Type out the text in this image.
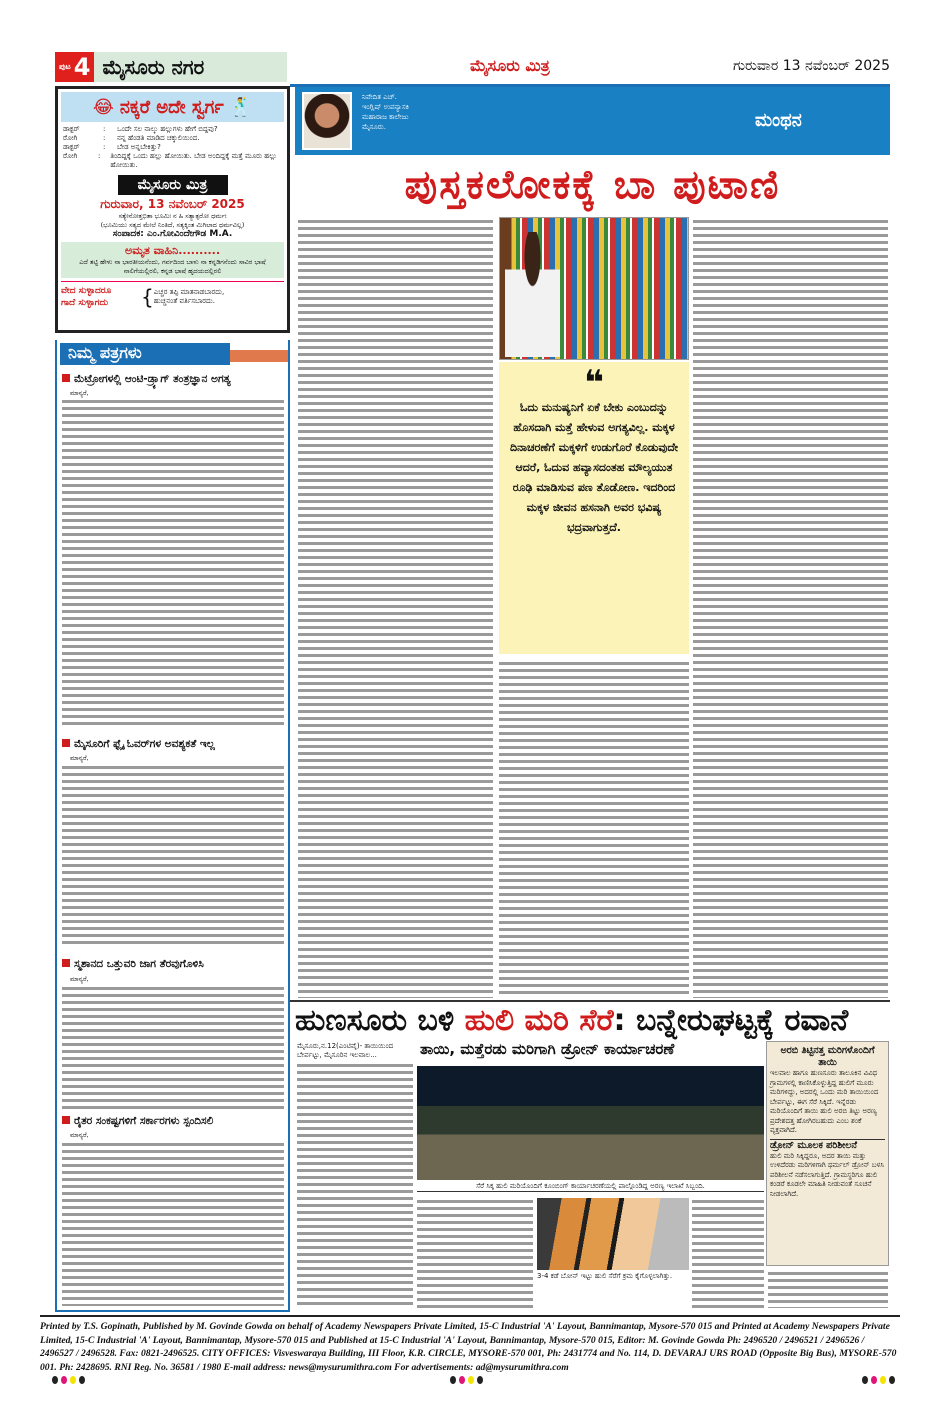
ಪುಟ 4 ಮೈಸೂರು ನಗರ	ಮೈಸೂರು ಮಿತ್ರ	ಗುರುವಾರ 13 ನವೆಂಬರ್ 2025
😂 ನಕ್ಕರೆ ಅದೇ ಸ್ವರ್ಗ 🕺
ಡಾಕ್ಟರ್	:	ಒಂದೇ ಸಲ ನಾಲ್ಕು ಹಲ್ಲುಗಳು ಹೇಗೆ ಬಿದ್ದವು?
ರೋಗಿ	:	ನನ್ನ ಹೆಂಡತಿ ಮಾಡಿದ ಚಕ್ಕುಲಿಯಿಂದ.
ಡಾಕ್ಟರ್	:	ಬೇಡ ಅನ್ನಬೇಕಿತ್ತು?
ರೋಗಿ	:	ತಿಂದಿದ್ದಕ್ಕೆ ಒಂದು ಹಲ್ಲು ಹೋಯಿತು. ಬೇಡ ಅಂದಿದ್ದಕ್ಕೆ ಮತ್ತೆ ಮೂರು ಹಲ್ಲು ಹೋಯಿತು.
ಮೈಸೂರು ಮಿತ್ರ
ಗುರುವಾರ, 13 ನವೆಂಬರ್ 2025
ಸತ್ಯೇನೋತ್ತಭಿತಾ ಭೂಮಿಃ ನ ಹಿ ಸತ್ಯಾತ್ಪರೋ ಧರ್ಮಃ
(ಭೂಮಿಯು ಸತ್ಯದ ಮೇಲೆ ನಿಂತಿದೆ, ಸತ್ಯಕ್ಕಿಂತ ಮಿಗಿಲಾದ ಧರ್ಮವಿಲ್ಲ)
ಸಂಪಾದಕ: ಎಂ.ಗೋವಿಂದೇಗೌಡ M.A.
ಅಮೃತ ವಾಹಿನಿ..........
ಎದೆ ತಟ್ಟಿ ಹೇಳು ನಾ ಭಾರತೀಯನೆಂದು, ಗರ್ವದಿಂದ ಬಾಳು ನಾ ಕನ್ನಡಿಗನೆಂದು ಸಾವಿರ ಭಾಷೆ ನಾಲಿಗೆಯಲ್ಲಿರಲಿ, ಕನ್ನಡ ಭಾಷೆ ಹೃದಯದಲ್ಲಿರಲಿ
ವೇದ ಸುಳ್ಳಾದರೂ
ಗಾದೆ ಸುಳ್ಳಾಗದು	{ ಎಚ್ಚರ ತಪ್ಪಿ ಮಾತನಾಡಬಾರದು,
ಹುಚ್ಚನಂತೆ ವರ್ತಿಸಬಾರದು.
ನಿಮ್ಮ ಪತ್ರಗಳು
ಮೆಟ್ರೋಗಳಲ್ಲಿ ಆಂಟಿ-ಡ್ರ್ಯಾಗ್ ತಂತ್ರಜ್ಞಾನ ಅಗತ್ಯ
ಮಾನ್ಯರೆ,
ಮೈಸೂರಿಗೆ ಫ್ಲೈ ಓವರ್‌ಗಳ ಅವಶ್ಯಕತೆ ಇಲ್ಲ
ಮಾನ್ಯರೆ,
ಸ್ಮಶಾನದ ಒತ್ತುವರಿ ಜಾಗ ತೆರವುಗೊಳಿಸಿ
ಮಾನ್ಯರೆ,
ರೈತರ ಸಂಕಷ್ಟಗಳಿಗೆ ಸರ್ಕಾರಗಳು ಸ್ಪಂದಿಸಲಿ
ಮಾನ್ಯರೆ,
ನಿವೇದಿತ ಎಚ್.
ಇಂಗ್ಲಿಷ್ ಉಪನ್ಯಾಸಕಿ
ಮಹಾರಾಜ ಕಾಲೇಜು
ಮೈಸೂರು.	ಮಂಥನ
ಪುಸ್ತಕಲೋಕಕ್ಕೆ ಬಾ ಪುಟಾಣಿ
❝
ಓದು ಮನುಷ್ಯನಿಗೆ ಏಕೆ ಬೇಕು ಎಂಬುದನ್ನು ಹೊಸದಾಗಿ ಮತ್ತೆ ಹೇಳುವ ಅಗತ್ಯವಿಲ್ಲ. ಮಕ್ಕಳ ದಿನಾಚರಣೆಗೆ ಮಕ್ಕಳಿಗೆ ಉಡುಗೊರೆ ಕೊಡುವುದೇ ಆದರೆ, ಓದುವ ಹವ್ಯಾಸದಂತಹ ಮೌಲ್ಯಯುತ ರೂಢಿ ಮಾಡಿಸುವ ಪಣ ತೊಡೋಣ. ಇದರಿಂದ ಮಕ್ಕಳ ಜೀವನ ಹಸನಾಗಿ ಅವರ ಭವಿಷ್ಯ ಭದ್ರವಾಗುತ್ತದೆ.
ಹುಣಸೂರು ಬಳಿ ಹುಲಿ ಮರಿ ಸೆರೆ: ಬನ್ನೇರುಘಟ್ಟಕ್ಕೆ ರವಾನೆ
ತಾಯಿ, ಮತ್ತೆರಡು ಮರಿಗಾಗಿ ಡ್ರೋನ್ ಕಾರ್ಯಾಚರಣೆ
ಮೈಸೂರು,ನ.12(ಎಂಟಿವೈ)- ತಾಯಿಯಿಂದ ಬೇರ್ಪಟ್ಟು, ಮೈಸೂರಿನ ಇಲವಾಲ...
ಸೆರೆ ಸಿಕ್ಕ ಹುಲಿ ಮರಿಯೊಂದಿಗೆ ಕೂಂಬಿಂಗ್ ಕಾರ್ಯಾಚರಣೆಯಲ್ಲಿ ಪಾಲ್ಗೊಂಡಿದ್ದ ಅರಣ್ಯ ಇಲಾಖೆ ಸಿಬ್ಬಂದಿ.
3-4 ಕಡೆ ಬೋನ್ ಇಟ್ಟು ಹುಲಿ ಸೆರೆಗೆ ಕ್ರಮ ಕೈಗೊಳ್ಳಲಾಗಿತ್ತು.
ಅರಬಿ ತಿಟ್ಟಿನತ್ತ ಮರಿಗಳೊಂದಿಗೆ ತಾಯಿ

ಇಲವಾಲ ಹಾಗೂ ಹುಣಸೂರು ತಾಲೂಕಿನ ವಿವಿಧ ಗ್ರಾಮಗಳಲ್ಲಿ ಕಾಣಿಸಿಕೊಳ್ಳುತ್ತಿದ್ದ ಹುಲಿಗೆ ಮೂರು ಮರಿಗಳಿದ್ದು, ಅದರಲ್ಲಿ ಒಂದು ಮರಿ ತಾಯಿಯಿಂದ ಬೇರ್ಪಟ್ಟು, ಈಗ ಸೆರೆ ಸಿಕ್ಕಿದೆ. ಇನ್ನೆರಡು ಮರಿಯೊಂದಿಗೆ ತಾಯಿ ಹುಲಿ ಅರಬಿ ತಿಟ್ಟು ಅರಣ್ಯ ಪ್ರದೇಶದತ್ತ ಹೋಗಿರಬಹುದು ಎಂಬ ಶಂಕೆ ವ್ಯಕ್ತವಾಗಿದೆ.

ಡ್ರೋನ್ ಮೂಲಕ ಪರಿಶೀಲನೆ

ಹುಲಿ ಮರಿ ಸಿಕ್ಕಿದ್ದರೂ, ಅದರ ತಾಯಿ ಮತ್ತು ಉಳಿದೆರಡು ಮರಿಗಳಿಗಾಗಿ ಥರ್ಮಲ್ ಡ್ರೋನ್ ಬಳಸಿ ಪರಿಶೀಲನೆ ನಡೆಸಲಾಗುತ್ತಿದೆ. ಗ್ರಾಮಸ್ಥರಿಗೂ ಹುಲಿ ಕಂಡರೆ ಕೂಡಲೇ ಮಾಹಿತಿ ನೀಡುವಂತೆ ಸೂಚನೆ ನೀಡಲಾಗಿದೆ.

Printed by T.S. Gopinath, Published by M. Govinde Gowda on behalf of Academy Newspapers Private Limited, 15-C Industrial 'A' Layout, Bannimantap, Mysore-570 015 and Printed at Academy Newspapers Private Limited, 15-C Industrial 'A' Layout, Bannimantap, Mysore-570 015 and Published at 15-C Industrial 'A' Layout, Bannimantap, Mysore-570 015, Editor: M. Govinde Gowda Ph: 2496520 / 2496521 / 2496526 / 2496527 / 2496528. Fax: 0821-2496525. CITY OFFICES: Visveswaraya Building, III Floor, K.R. CIRCLE, MYSORE-570 001, Ph: 2431774 and No. 114, D. DEVARAJ URS ROAD (Opposite Big Bus), MYSORE-570 001. Ph: 2428695. RNI Reg. No. 36581 / 1980 E-mail address: news@mysurumithra.com For advertisements: ad@mysurumithra.com
